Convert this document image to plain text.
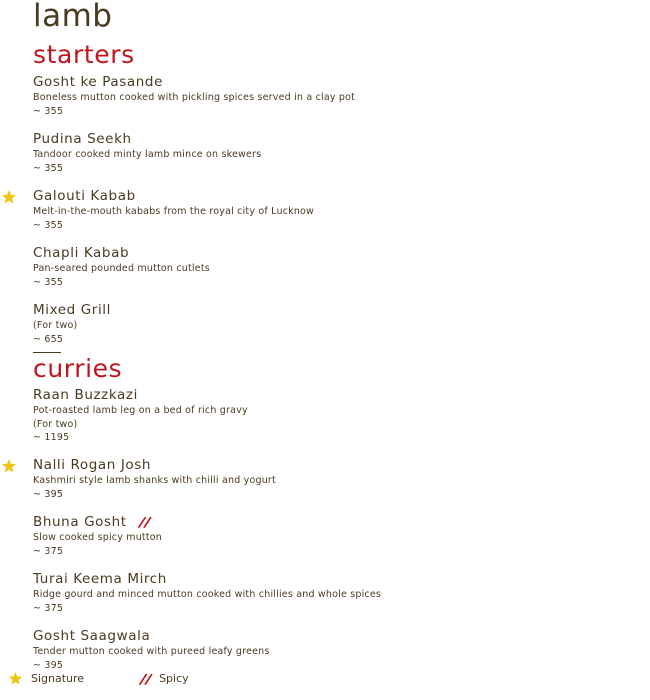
lamb
starters
Gosht ke Pasande
Boneless mutton cooked with pickling spices served in a clay pot
~ 355
Pudina Seekh
Tandoor cooked minty lamb mince on skewers
~ 355
Galouti Kabab
Melt-in-the-mouth kababs from the royal city of Lucknow
~ 355
Chapli Kabab
Pan-seared pounded mutton cutlets
~ 355
Mixed Grill
(For two)
~ 655
curries
Raan Buzzkazi
Pot-roasted lamb leg on a bed of rich gravy
(For two)
~ 1195
Nalli Rogan Josh
Kashmiri style lamb shanks with chilli and yogurt
~ 395
Bhuna Gosht
Slow cooked spicy mutton
~ 375
Turai Keema Mirch
Ridge gourd and minced mutton cooked with chillies and whole spices
~ 375
Gosht Saagwala
Tender mutton cooked with pureed leafy greens
~ 395
Signature	Spicy
